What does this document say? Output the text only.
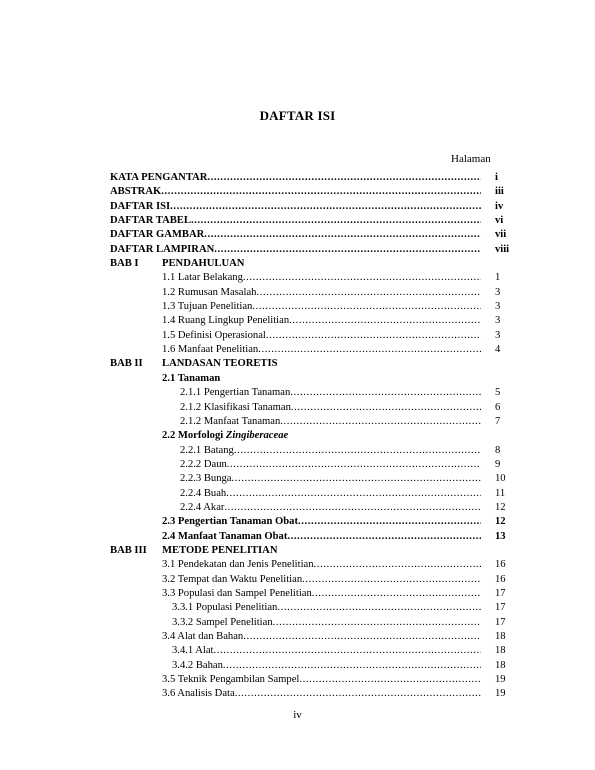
DAFTAR ISI
Halaman
KATA PENGANTAR .....	i
ABSTRAK .....	iii
DAFTAR ISI .....	iv
DAFTAR TABEL .....	vi
DAFTAR GAMBAR .....	vii
DAFTAR LAMPIRAN .....	viii
BAB I PENDAHULUAN
1.1 Latar Belakang .....	1
1.2 Rumusan Masalah .....	3
1.3 Tujuan Penelitian .....	3
1.4 Ruang Lingkup Penelitian .....	3
1.5 Definisi Operasional .....	3
1.6 Manfaat Penelitian .....	4
BAB II LANDASAN TEORETIS
2.1 Tanaman
2.1.1 Pengertian Tanaman .....	5
2.1.2 Klasifikasi Tanaman .....	6
2.1.2 Manfaat Tanaman .....	7
2.2 Morfologi Zingiberaceae
2.2.1 Batang .....	8
2.2.2 Daun .....	9
2.2.3 Bunga .....	10
2.2.4 Buah .....	11
2.2.4 Akar .....	12
2.3 Pengertian Tanaman Obat .....	12
2.4 Manfaat Tanaman Obat .....	13
BAB III METODE PENELITIAN
3.1 Pendekatan dan Jenis Penelitian .....	16
3.2 Tempat dan Waktu Penelitian .....	16
3.3 Populasi dan Sampel Penelitian .....	17
3.3.1 Populasi Penelitian .....	17
3.3.2 Sampel Penelitian .....	17
3.4 Alat dan Bahan .....	18
3.4.1 Alat .....	18
3.4.2 Bahan .....	18
3.5 Teknik Pengambilan Sampel .....	19
3.6 Analisis Data .....	19
iv
